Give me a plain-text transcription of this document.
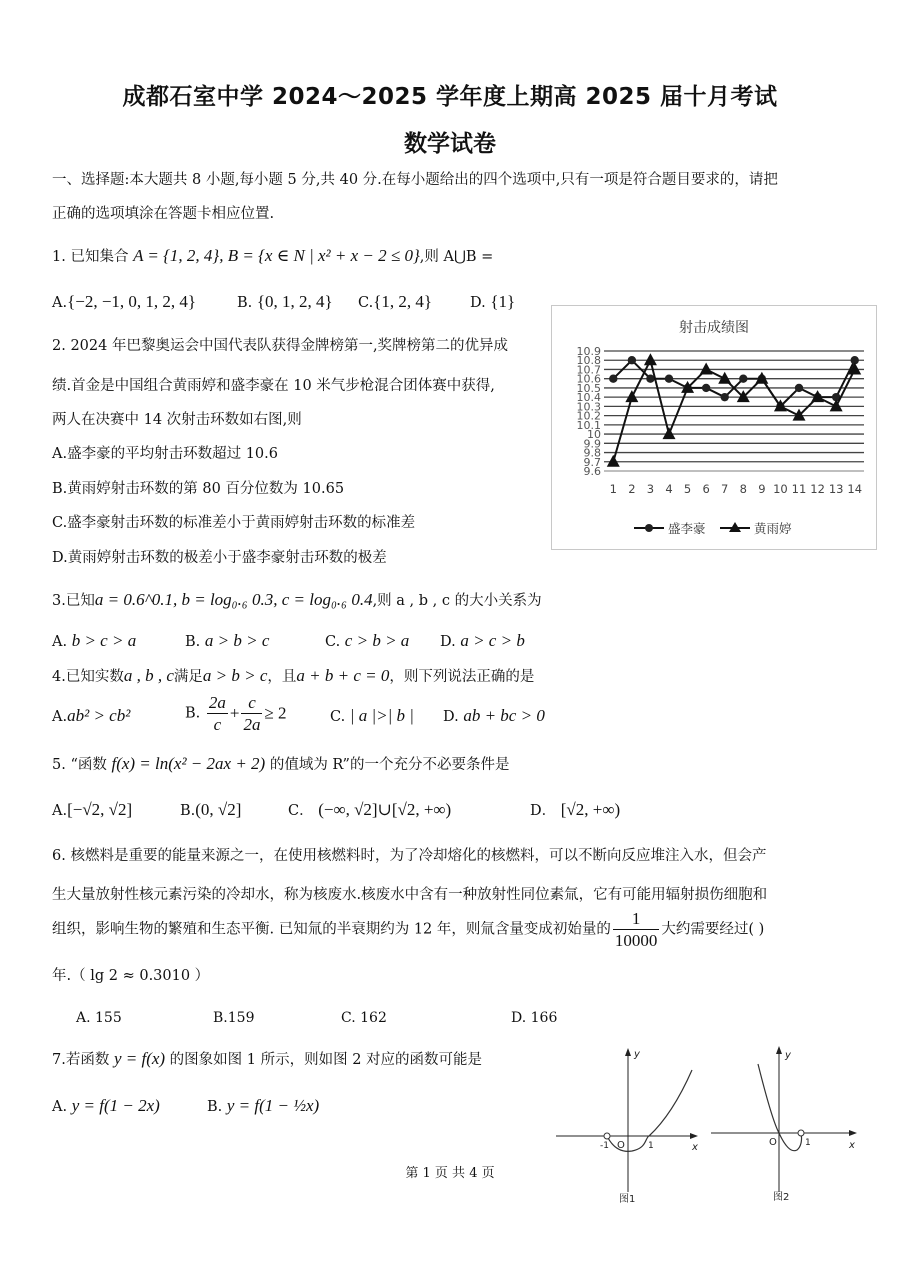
成都石室中学 2024～2025 学年度上期高 2025 届十月考试
数学试卷
一、选择题:本大题共 8 小题,每小题 5 分,共 40 分.在每小题给出的四个选项中,只有一项是符合题目要求的，请把
正确的选项填涂在答题卡相应位置.
1. 已知集合 A = {1, 2, 4}, B = {x ∈ N | x² + x − 2 ≤ 0},则 A⋃B =
A.{−2, −1, 0, 1, 2, 4}	B. {0, 1, 2, 4} C.{1, 2, 4}	D. {1}
2. 2024 年巴黎奥运会中国代表队获得金牌榜第一,奖牌榜第二的优异成
绩.首金是中国组合黄雨婷和盛李豪在 10 米气步枪混合团体赛中获得,
两人在决赛中 14 次射击环数如右图,则
A.盛李豪的平均射击环数超过 10.6
B.黄雨婷射击环数的第 80 百分位数为 10.65
C.盛李豪射击环数的标准差小于黄雨婷射击环数的标准差
D.黄雨婷射击环数的极差小于盛李豪射击环数的极差
射击成绩图
9.6
9.7
9.8
9.9
10
10.1
10.2
10.3
10.4
10.5
10.6
10.7
10.8
10.9
1 2 3 4 5 6 7 8 9 10 11 12 13 14
盛李豪	黄雨婷
3.已知a = 0.6^0.1, b = log₀.₆ 0.3, c = log₀.₆ 0.4,则 a , b , c 的大小关系为
A. b > c > a	B. a > b > c	C. c > b > a D. a > c > b
4.已知实数a , b , c满足a > b > c，且a + b + c = 0，则下列说法正确的是
A.ab² > cb²	B. $\frac{2a}{c} + \frac{c}{2a} \ge 2$	C. | a |>| b | D. ab + bc > 0
5. “函数 f(x) = ln(x² − 2ax + 2) 的值域为 R”的一个充分不必要条件是
A.[−√2, √2]	B.(0, √2]	C． (−∞, √2]∪[√2, +∞)	D． [√2, +∞)
6. 核燃料是重要的能量来源之一，在使用核燃料时，为了冷却熔化的核燃料，可以不断向反应堆注入水，但会产
生大量放射性核元素污染的冷却水，称为核废水.核废水中含有一种放射性同位素氚，它有可能用辐射损伤细胞和
组织，影响生物的繁殖和生态平衡. 已知氚的半衰期约为 12 年，则氚含量变成初始量的 $\frac{1}{10000}$ 大约需要经过( )
年.（ lg 2 ≈ 0.3010 ）
A. 155	B.159	C. 162	D. 166
7.若函数 y = f(x) 的图象如图 1 所示，则如图 2 对应的函数可能是
A. y = f(1 − 2x)	B. y = f(1 − ½x)
y
x
O
-1	1
图1
y
x
O	1
图2
第 1 页 共 4 页
